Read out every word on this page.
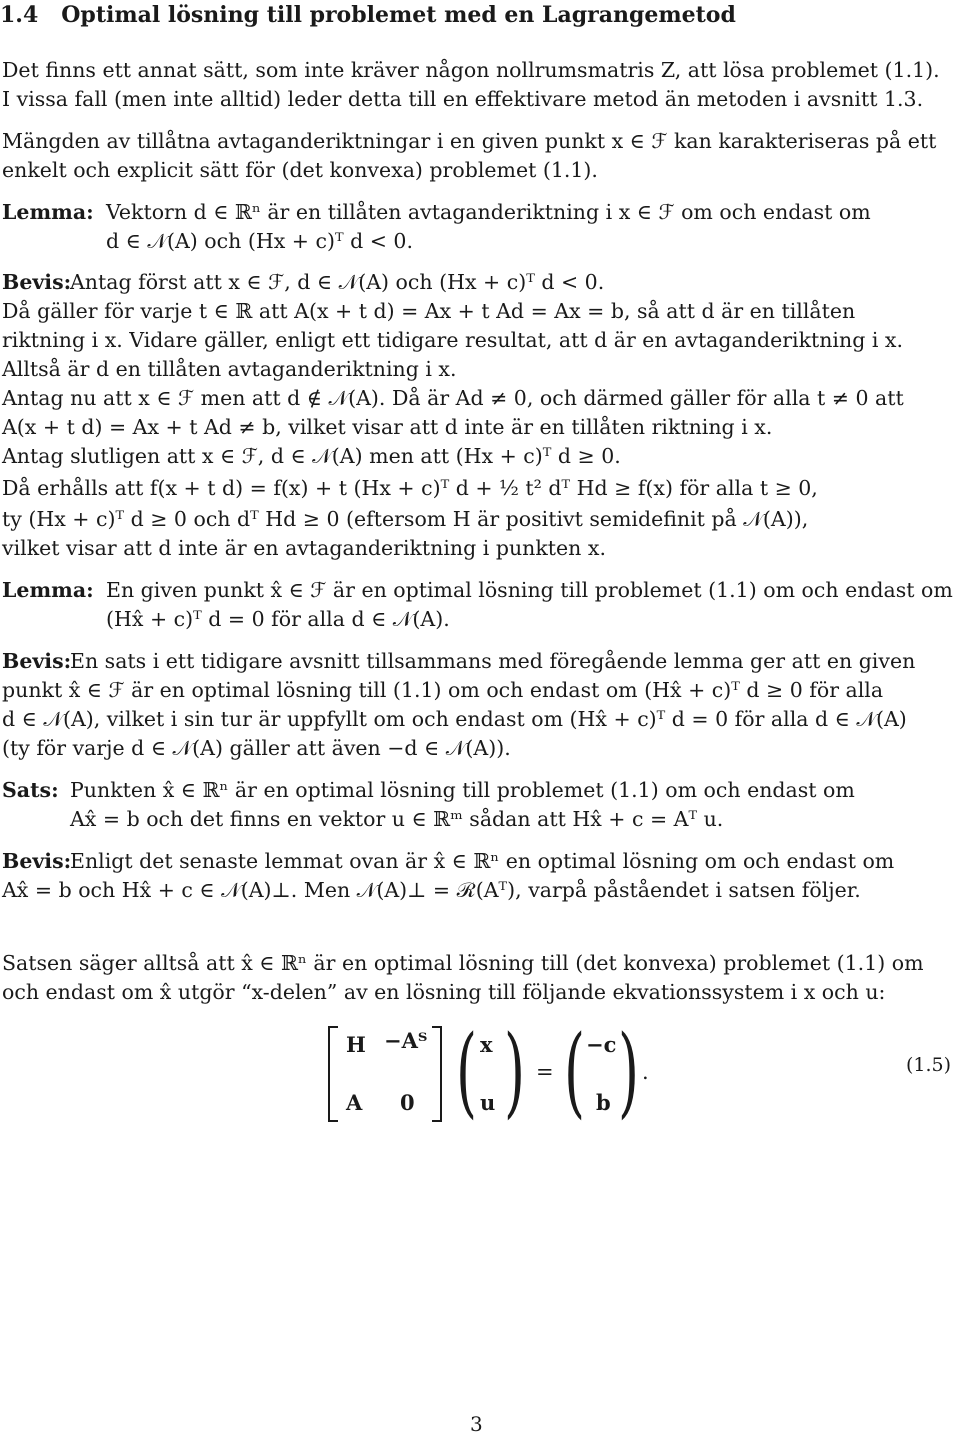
1.4 Optimal lösning till problemet med en Lagrangemetod
Det finns ett annat sätt, som inte kräver någon nollrumsmatris Z, att lösa problemet (1.1).
I vissa fall (men inte alltid) leder detta till en effektivare metod än metoden i avsnitt 1.3.
Mängden av tillåtna avtaganderiktningar i en given punkt x ∈ ℱ kan karakteriseras på ett
enkelt och explicit sätt för (det konvexa) problemet (1.1).
Lemma: Vektorn d ∈ ℝⁿ är en tillåten avtaganderiktning i x ∈ ℱ om och endast om
d ∈ 𝒩(A) och (Hx + c)ᵀ d < 0.
Bevis:
Antag först att x ∈ ℱ, d ∈ 𝒩(A) och (Hx + c)ᵀ d < 0.
Då gäller för varje t ∈ ℝ att A(x + t d) = Ax + t Ad = Ax = b, så att d är en tillåten
riktning i x. Vidare gäller, enligt ett tidigare resultat, att d är en avtaganderiktning i x.
Alltså är d en tillåten avtaganderiktning i x.
Antag nu att x ∈ ℱ men att d ∉ 𝒩(A). Då är Ad ≠ 0, och därmed gäller för alla t ≠ 0 att
A(x + t d) = Ax + t Ad ≠ b, vilket visar att d inte är en tillåten riktning i x.
Antag slutligen att x ∈ ℱ, d ∈ 𝒩(A) men att (Hx + c)ᵀ d ≥ 0.
Då erhålls att f(x + t d) = f(x) + t (Hx + c)ᵀ d + ½ t² dᵀ Hd ≥ f(x) för alla t ≥ 0,
ty (Hx + c)ᵀ d ≥ 0 och dᵀ Hd ≥ 0 (eftersom H är positivt semidefinit på 𝒩(A)),
vilket visar att d inte är en avtaganderiktning i punkten x.
Lemma: En given punkt x̂ ∈ ℱ är en optimal lösning till problemet (1.1) om och endast om
(Hx̂ + c)ᵀ d = 0 för alla d ∈ 𝒩(A).
Bevis:
En sats i ett tidigare avsnitt tillsammans med föregående lemma ger att en given
punkt x̂ ∈ ℱ är en optimal lösning till (1.1) om och endast om (Hx̂ + c)ᵀ d ≥ 0 för alla
d ∈ 𝒩(A), vilket i sin tur är uppfyllt om och endast om (Hx̂ + c)ᵀ d = 0 för alla d ∈ 𝒩(A)
(ty för varje d ∈ 𝒩(A) gäller att även −d ∈ 𝒩(A)).
Sats: Punkten x̂ ∈ ℝⁿ är en optimal lösning till problemet (1.1) om och endast om
Ax̂ = b och det finns en vektor u ∈ ℝᵐ sådan att Hx̂ + c = Aᵀ u.
Bevis:
Enligt det senaste lemmat ovan är x̂ ∈ ℝⁿ en optimal lösning om och endast om
Ax̂ = b och Hx̂ + c ∈ 𝒩(A)⊥. Men 𝒩(A)⊥ = ℛ(Aᵀ), varpå påståendet i satsen följer.
Satsen säger alltså att x̂ ∈ ℝⁿ är en optimal lösning till (det konvexa) problemet (1.1) om
och endast om x̂ utgör “x-delen” av en lösning till följande ekvationssystem i x och u:
H −Aᵀ
A 0 ( x
u ) = ( −c
b ) .	(1.5)
3
